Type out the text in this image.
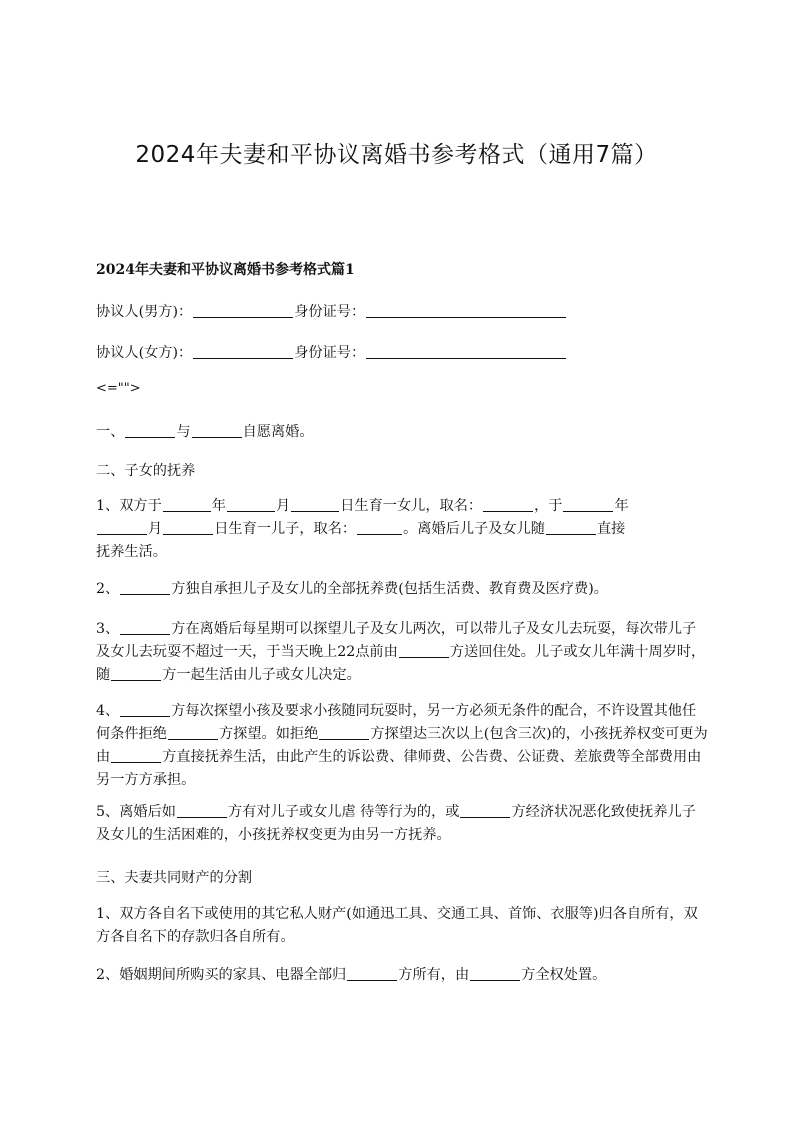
2024年夫妻和平协议离婚书参考格式（通用7篇）
2024年夫妻和平协议离婚书参考格式篇1
协议人(男方)：	身份证号：
协议人(女方)：	身份证号：
<="">
一、	与	自愿离婚。
二、子女的抚养
1、双方于	年	月	日生育一女儿，取名：	，于	年
月	日生育一儿子，取名：	。离婚后儿子及女儿随	直接
抚养生活。
2、	方独自承担儿子及女儿的全部抚养费(包括生活费、教育费及医疗费)。
3、	方在离婚后每星期可以探望儿子及女儿两次，可以带儿子及女儿去玩耍，每次带儿子及女儿去玩耍不超过一天，于当天晚上22点前由	方送回住处。儿子或女儿年满十周岁时，随	方一起生活由儿子或女儿决定。
4、	方每次探望小孩及要求小孩随同玩耍时，另一方必须无条件的配合，不许设置其他任何条件拒绝	方探望。如拒绝	方探望达三次以上(包含三次)的，小孩抚养权变可更为由	方直接抚养生活，由此产生的诉讼费、律师费、公告费、公证费、差旅费等全部费用由另一方方承担。
5、离婚后如	方有对儿子或女儿虐 待等行为的，或	方经济状况恶化致使抚养儿子及女儿的生活困难的，小孩抚养权变更为由另一方抚养。
三、夫妻共同财产的分割
1、双方各自名下或使用的其它私人财产(如通迅工具、交通工具、首饰、衣服等)归各自所有，双方各自名下的存款归各自所有。
2、婚姻期间所购买的家具、电器全部归	方所有，由	方全权处置。
